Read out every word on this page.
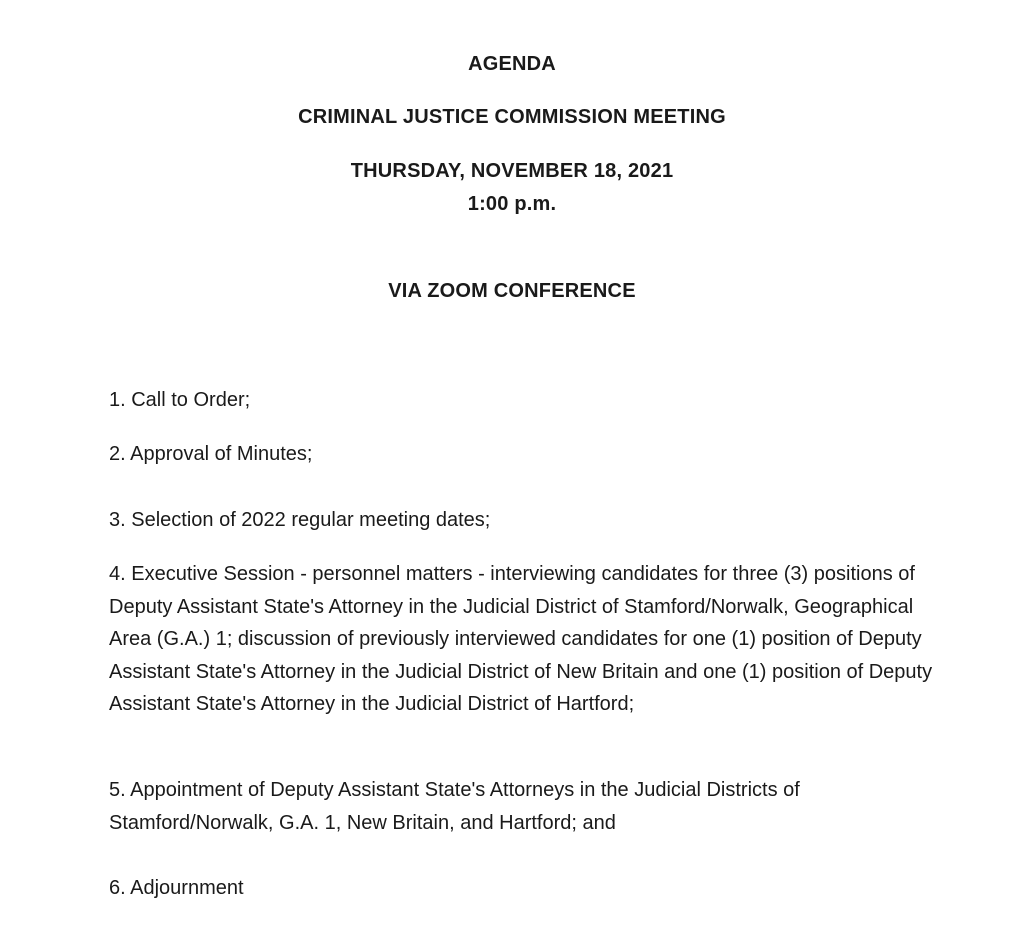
AGENDA
CRIMINAL JUSTICE COMMISSION MEETING
THURSDAY, NOVEMBER 18, 2021
1:00 p.m.
VIA ZOOM CONFERENCE

1. Call to Order;

2. Approval of Minutes;

3. Selection of 2022 regular meeting dates;

4. Executive Session - personnel matters - interviewing candidates for three (3) positions of Deputy Assistant State's Attorney in the Judicial District of Stamford/Norwalk, Geographical Area (G.A.) 1; discussion of previously interviewed candidates for one (1) position of Deputy Assistant State's Attorney in the Judicial District of New Britain and one (1) position of Deputy Assistant State's Attorney in the Judicial District of Hartford;

5. Appointment of Deputy Assistant State's Attorneys in the Judicial Districts of Stamford/Norwalk, G.A. 1, New Britain, and Hartford; and

6. Adjournment
